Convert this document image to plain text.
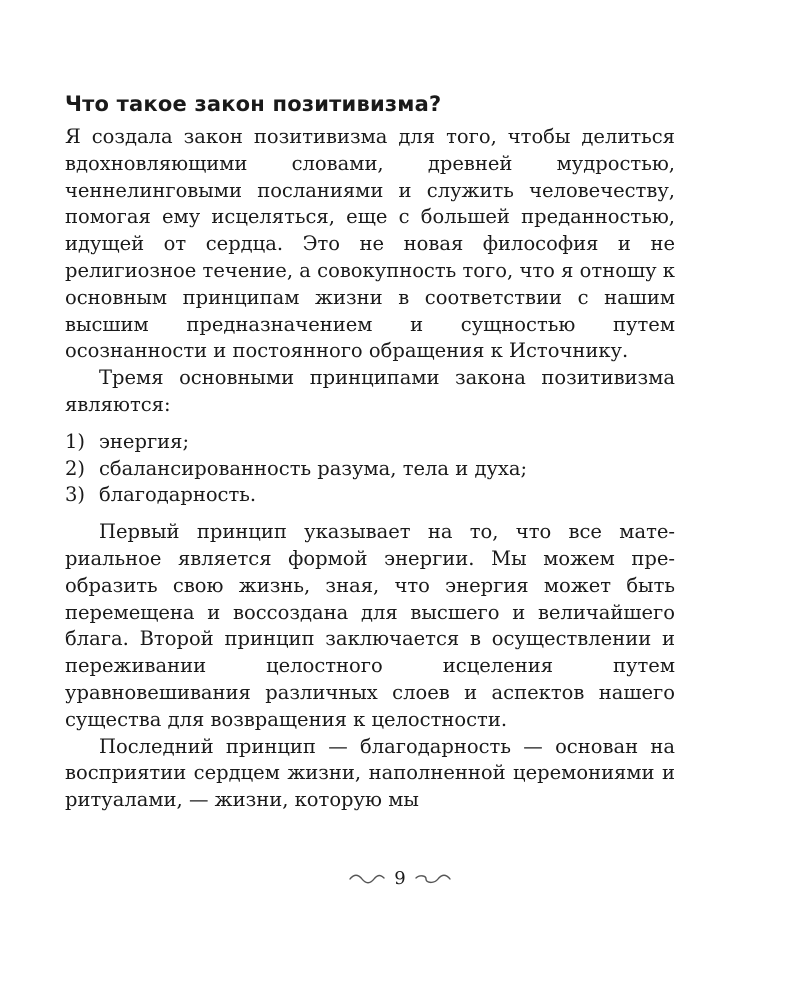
Что такое закон позитивизма?

Я создала закон позитивизма для того, чтобы делиться вдохновляющими словами, древней мудростью, ченнелинговыми посланиями и служить человечеству, помогая ему исцеляться, еще с большей преданностью, идущей от сердца. Это не новая философия и не религиозное течение, а совокупность того, что я отношу к основным принципам жизни в соответствии с нашим высшим предназначением и сущностью путем осознанности и постоянного обращения к Источнику.

Тремя основными принципами закона позитивизма являются:

1) энергия;
2) сбалансированность разума, тела и духа;
3) благодарность.

Первый принцип указывает на то, что все материальное является формой энергии. Мы можем преобразить свою жизнь, зная, что энергия может быть перемещена и воссоздана для высшего и величайшего блага. Второй принцип заключается в осуществлении и переживании целостного исцеления путем уравновешивания различных слоев и аспектов нашего существа для возвращения к целостности.

Последний принцип — благодарность — основан на восприятии сердцем жизни, наполненной церемониями и ритуалами, — жизни, которую мы

9
